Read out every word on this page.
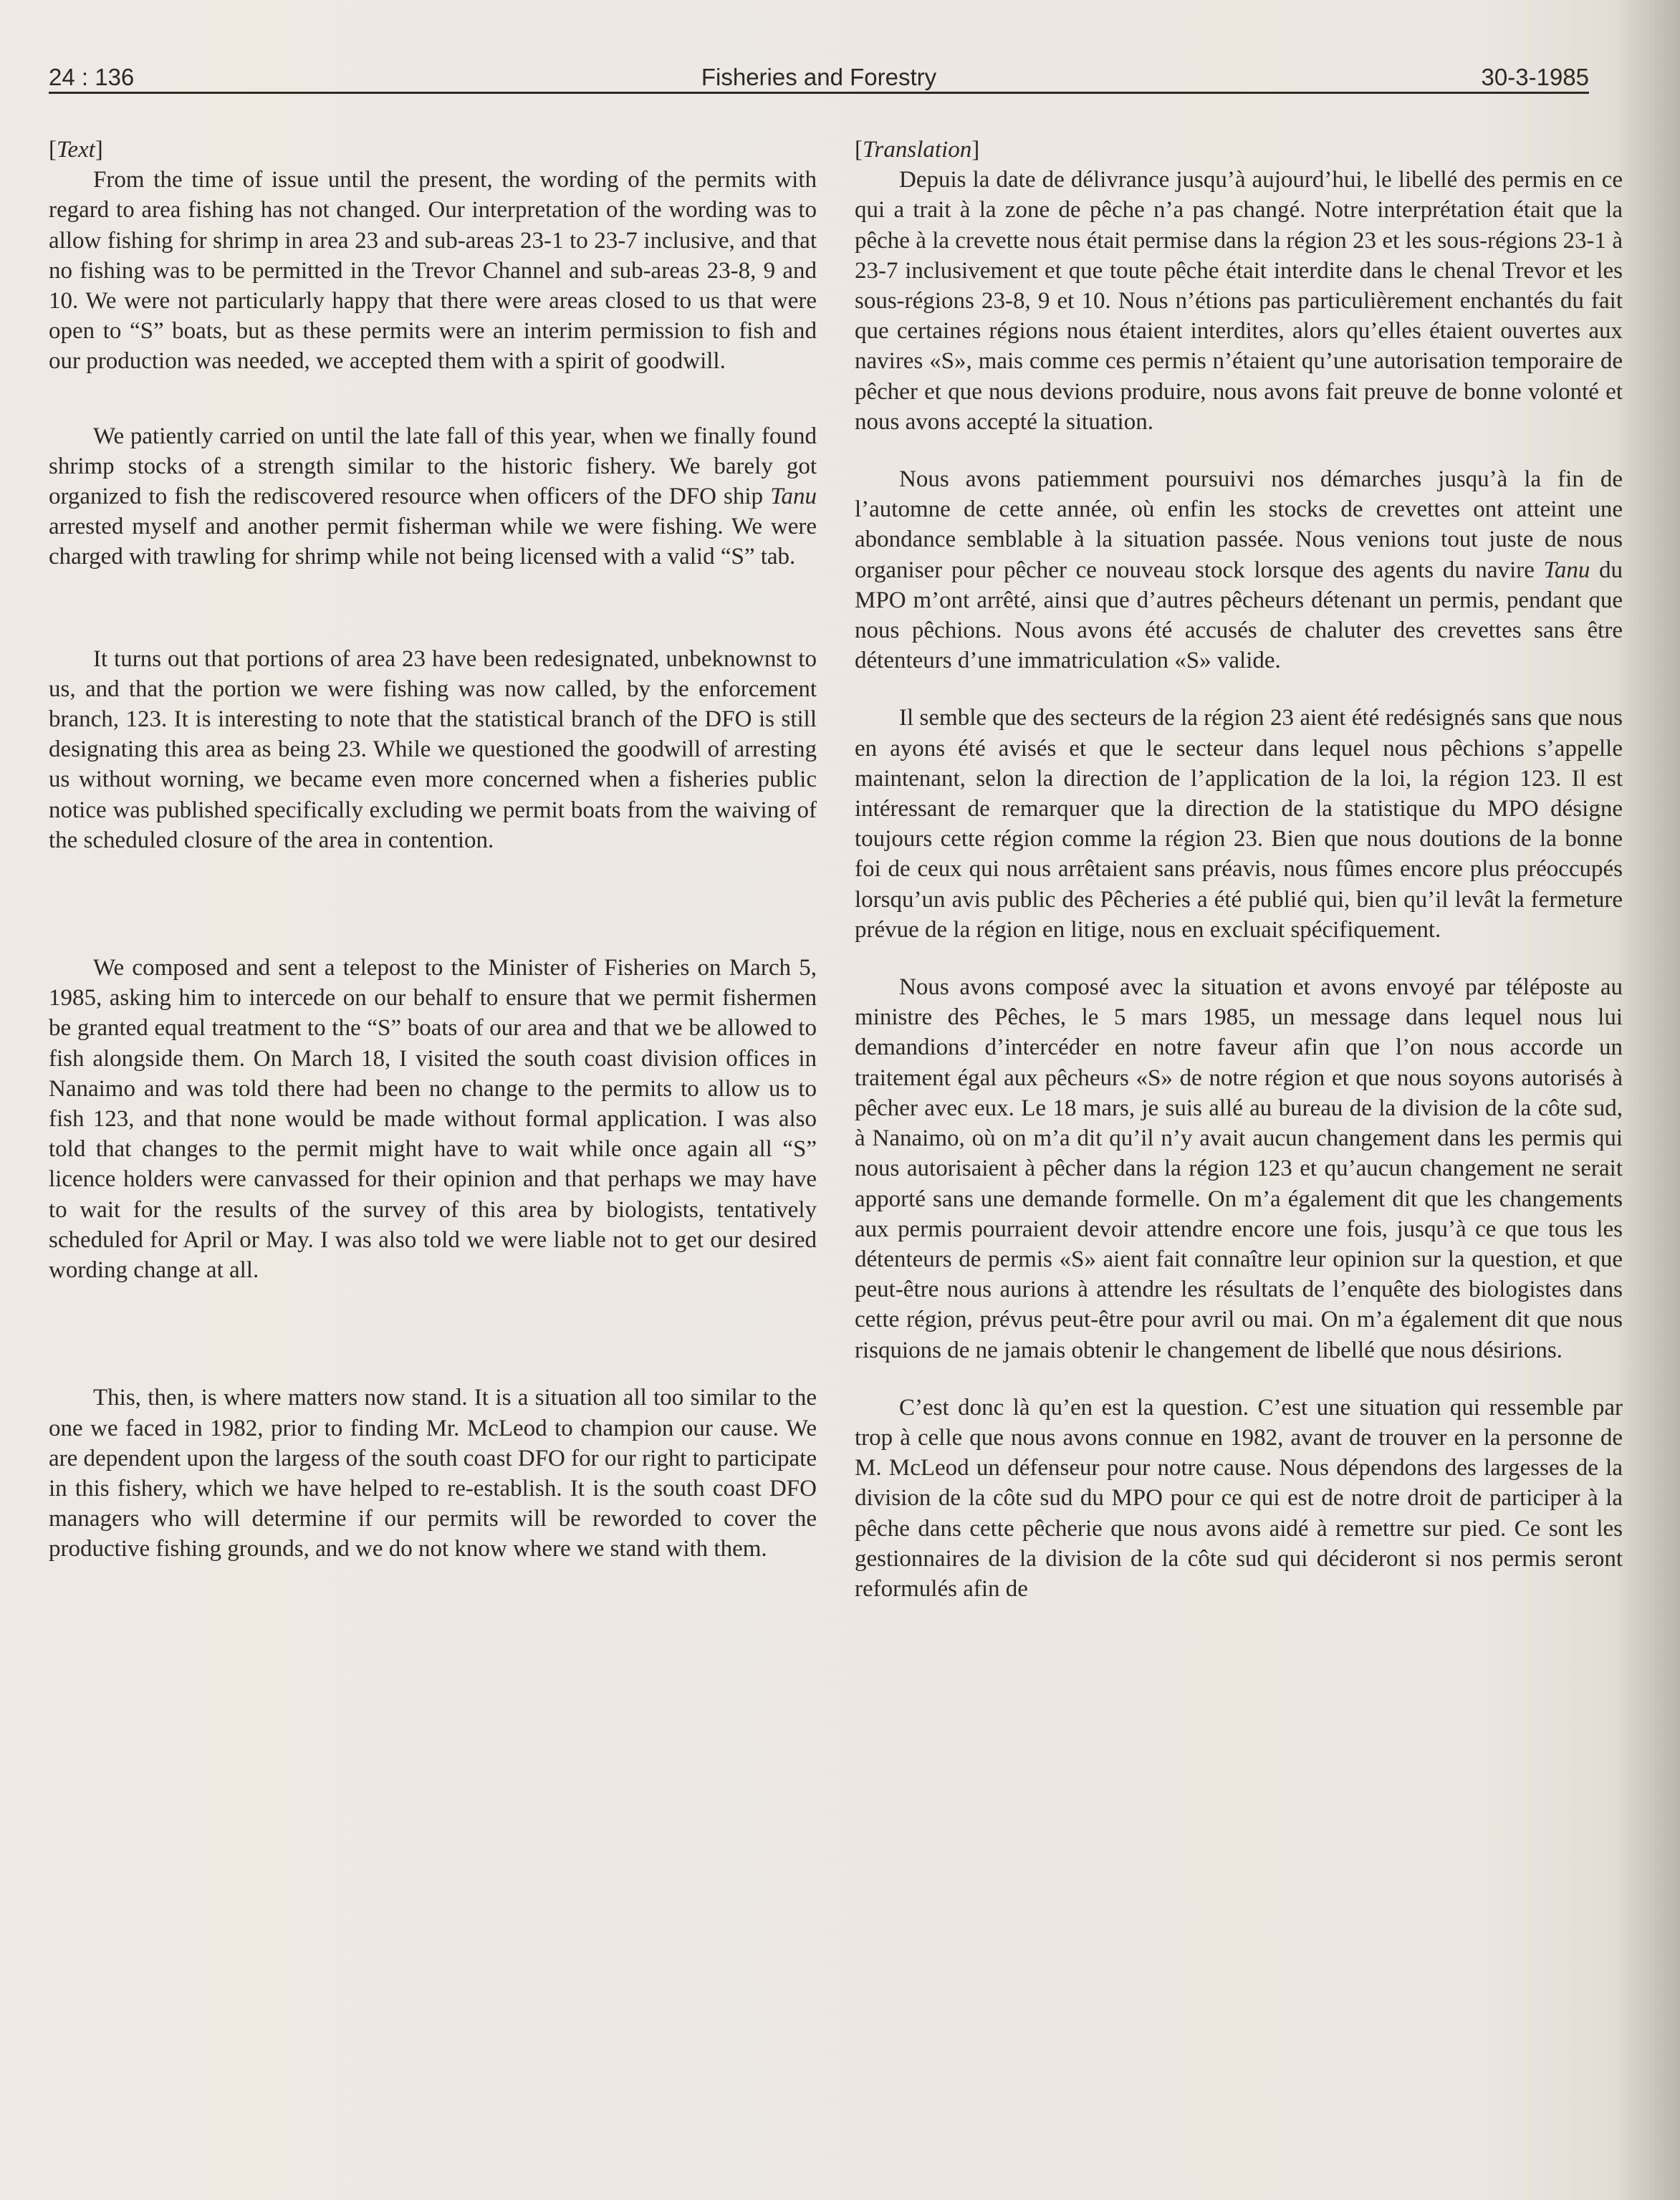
24 : 136	Fisheries and Forestry	30-3-1985

[Text]

From the time of issue until the present, the wording of the permits with regard to area fishing has not changed. Our interpretation of the wording was to allow fishing for shrimp in area 23 and sub-areas 23-1 to 23-7 inclusive, and that no fishing was to be permitted in the Trevor Channel and sub-areas 23-8, 9 and 10. We were not particularly happy that there were areas closed to us that were open to “S” boats, but as these permits were an interim permission to fish and our production was needed, we accepted them with a spirit of goodwill.

We patiently carried on until the late fall of this year, when we finally found shrimp stocks of a strength similar to the historic fishery. We barely got organized to fish the rediscovered resource when officers of the DFO ship Tanu arrested myself and another permit fisherman while we were fishing. We were charged with trawling for shrimp while not being licensed with a valid “S” tab.

It turns out that portions of area 23 have been redesignated, unbeknownst to us, and that the portion we were fishing was now called, by the enforcement branch, 123. It is interesting to note that the statistical branch of the DFO is still designating this area as being 23. While we questioned the goodwill of arresting us without worning, we became even more concerned when a fisheries public notice was published specifically excluding we permit boats from the waiving of the scheduled closure of the area in contention.

We composed and sent a telepost to the Minister of Fisheries on March 5, 1985, asking him to intercede on our behalf to ensure that we permit fishermen be granted equal treatment to the “S” boats of our area and that we be allowed to fish alongside them. On March 18, I visited the south coast division offices in Nanaimo and was told there had been no change to the permits to allow us to fish 123, and that none would be made without formal application. I was also told that changes to the permit might have to wait while once again all “S” licence holders were canvassed for their opinion and that perhaps we may have to wait for the results of the survey of this area by biologists, tentatively scheduled for April or May. I was also told we were liable not to get our desired wording change at all.

This, then, is where matters now stand. It is a situation all too similar to the one we faced in 1982, prior to finding Mr. McLeod to champion our cause. We are dependent upon the largess of the south coast DFO for our right to participate in this fishery, which we have helped to re-establish. It is the south coast DFO managers who will determine if our permits will be reworded to cover the productive fishing grounds, and we do not know where we stand with them.

[Translation]

Depuis la date de délivrance jusqu’à aujourd’hui, le libellé des permis en ce qui a trait à la zone de pêche n’a pas changé. Notre interprétation était que la pêche à la crevette nous était permise dans la région 23 et les sous-régions 23-1 à 23-7 inclusivement et que toute pêche était interdite dans le chenal Trevor et les sous-régions 23-8, 9 et 10. Nous n’étions pas particulièrement enchantés du fait que certaines régions nous étaient interdites, alors qu’elles étaient ouvertes aux navires «S», mais comme ces permis n’étaient qu’une autorisation temporaire de pêcher et que nous devions produire, nous avons fait preuve de bonne volonté et nous avons accepté la situation.

Nous avons patiemment poursuivi nos démarches jusqu’à la fin de l’automne de cette année, où enfin les stocks de crevettes ont atteint une abondance semblable à la situation passée. Nous venions tout juste de nous organiser pour pêcher ce nouveau stock lorsque des agents du navire Tanu du MPO m’ont arrêté, ainsi que d’autres pêcheurs détenant un permis, pendant que nous pêchions. Nous avons été accusés de chaluter des crevettes sans être détenteurs d’une immatriculation «S» valide.

Il semble que des secteurs de la région 23 aient été redésignés sans que nous en ayons été avisés et que le secteur dans lequel nous pêchions s’appelle maintenant, selon la direction de l’application de la loi, la région 123. Il est intéressant de remarquer que la direction de la statistique du MPO désigne toujours cette région comme la région 23. Bien que nous doutions de la bonne foi de ceux qui nous arrêtaient sans préavis, nous fûmes encore plus préoccupés lorsqu’un avis public des Pêcheries a été publié qui, bien qu’il levât la fermeture prévue de la région en litige, nous en excluait spécifiquement.

Nous avons composé avec la situation et avons envoyé par téléposte au ministre des Pêches, le 5 mars 1985, un message dans lequel nous lui demandions d’intercéder en notre faveur afin que l’on nous accorde un traitement égal aux pêcheurs «S» de notre région et que nous soyons autorisés à pêcher avec eux. Le 18 mars, je suis allé au bureau de la division de la côte sud, à Nanaimo, où on m’a dit qu’il n’y avait aucun changement dans les permis qui nous autorisaient à pêcher dans la région 123 et qu’aucun changement ne serait apporté sans une demande formelle. On m’a également dit que les changements aux permis pourraient devoir attendre encore une fois, jusqu’à ce que tous les détenteurs de permis «S» aient fait connaître leur opinion sur la question, et que peut-être nous aurions à attendre les résultats de l’enquête des biologistes dans cette région, prévus peut-être pour avril ou mai. On m’a également dit que nous risquions de ne jamais obtenir le changement de libellé que nous désirions.

C’est donc là qu’en est la question. C’est une situation qui ressemble par trop à celle que nous avons connue en 1982, avant de trouver en la personne de M. McLeod un défenseur pour notre cause. Nous dépendons des largesses de la division de la côte sud du MPO pour ce qui est de notre droit de participer à la pêche dans cette pêcherie que nous avons aidé à remettre sur pied. Ce sont les gestionnaires de la division de la côte sud qui décideront si nos permis seront reformulés afin de
